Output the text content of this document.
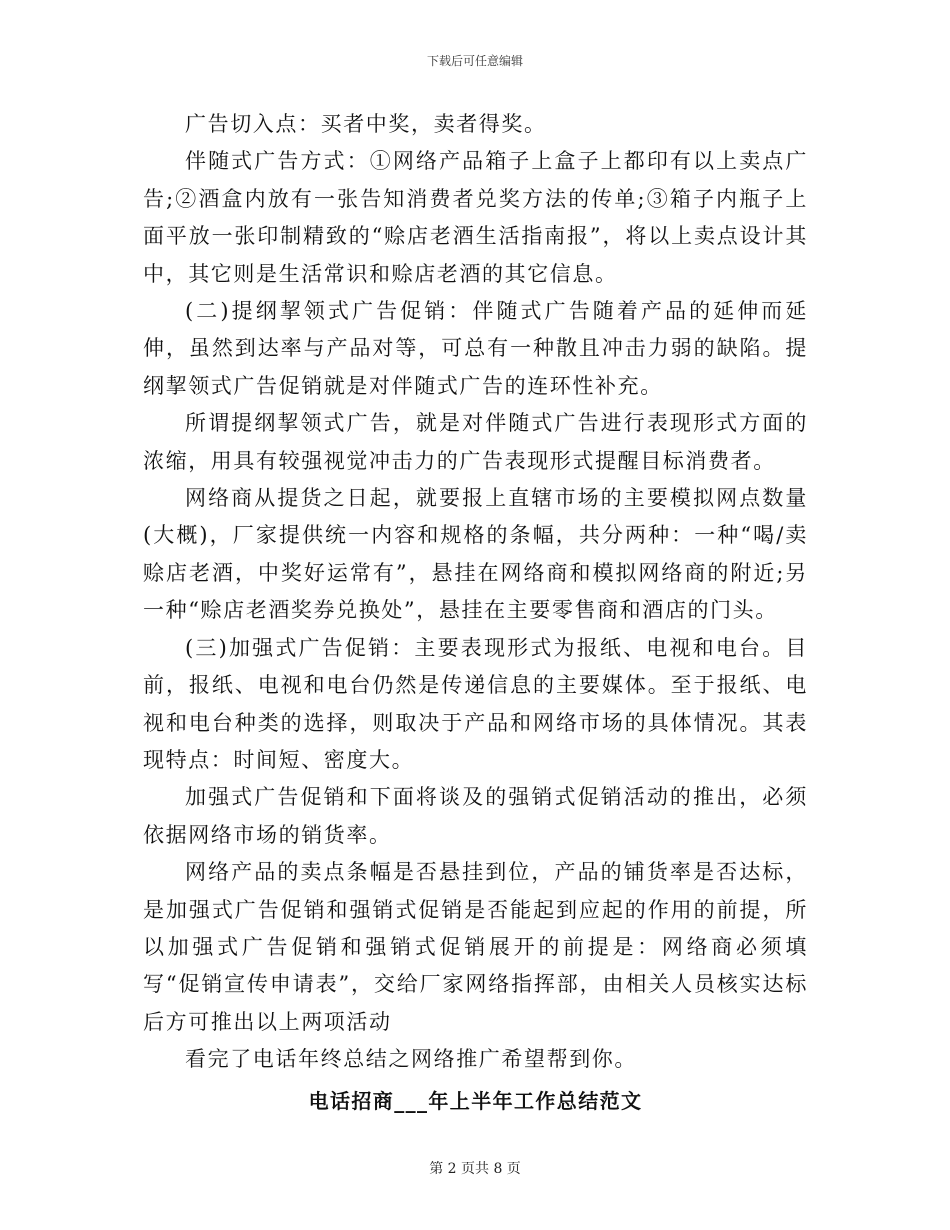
下载后可任意编辑

广告切入点：买者中奖，卖者得奖。

伴随式广告方式：①网络产品箱子上盒子上都印有以上卖点广告;②酒盒内放有一张告知消费者兑奖方法的传单;③箱子内瓶子上面平放一张印制精致的“赊店老酒生活指南报”，将以上卖点设计其中，其它则是生活常识和赊店老酒的其它信息。

(二)提纲挈领式广告促销：伴随式广告随着产品的延伸而延伸，虽然到达率与产品对等，可总有一种散且冲击力弱的缺陷。提纲挈领式广告促销就是对伴随式广告的连环性补充。

所谓提纲挈领式广告，就是对伴随式广告进行表现形式方面的浓缩，用具有较强视觉冲击力的广告表现形式提醒目标消费者。

网络商从提货之日起，就要报上直辖市场的主要模拟网点数量(大概)，厂家提供统一内容和规格的条幅，共分两种：一种“喝/卖赊店老酒，中奖好运常有”，悬挂在网络商和模拟网络商的附近;另一种“赊店老酒奖券兑换处”，悬挂在主要零售商和酒店的门头。

(三)加强式广告促销：主要表现形式为报纸、电视和电台。目前，报纸、电视和电台仍然是传递信息的主要媒体。至于报纸、电视和电台种类的选择，则取决于产品和网络市场的具体情况。其表现特点：时间短、密度大。

加强式广告促销和下面将谈及的强销式促销活动的推出，必须依据网络市场的销货率。

网络产品的卖点条幅是否悬挂到位，产品的铺货率是否达标，是加强式广告促销和强销式促销是否能起到应起的作用的前提，所以加强式广告促销和强销式促销展开的前提是：网络商必须填写“促销宣传申请表”，交给厂家网络指挥部，由相关人员核实达标后方可推出以上两项活动

看完了电话年终总结之网络推广希望帮到你。

电话招商___年上半年工作总结范文
第 2 页共 8 页
